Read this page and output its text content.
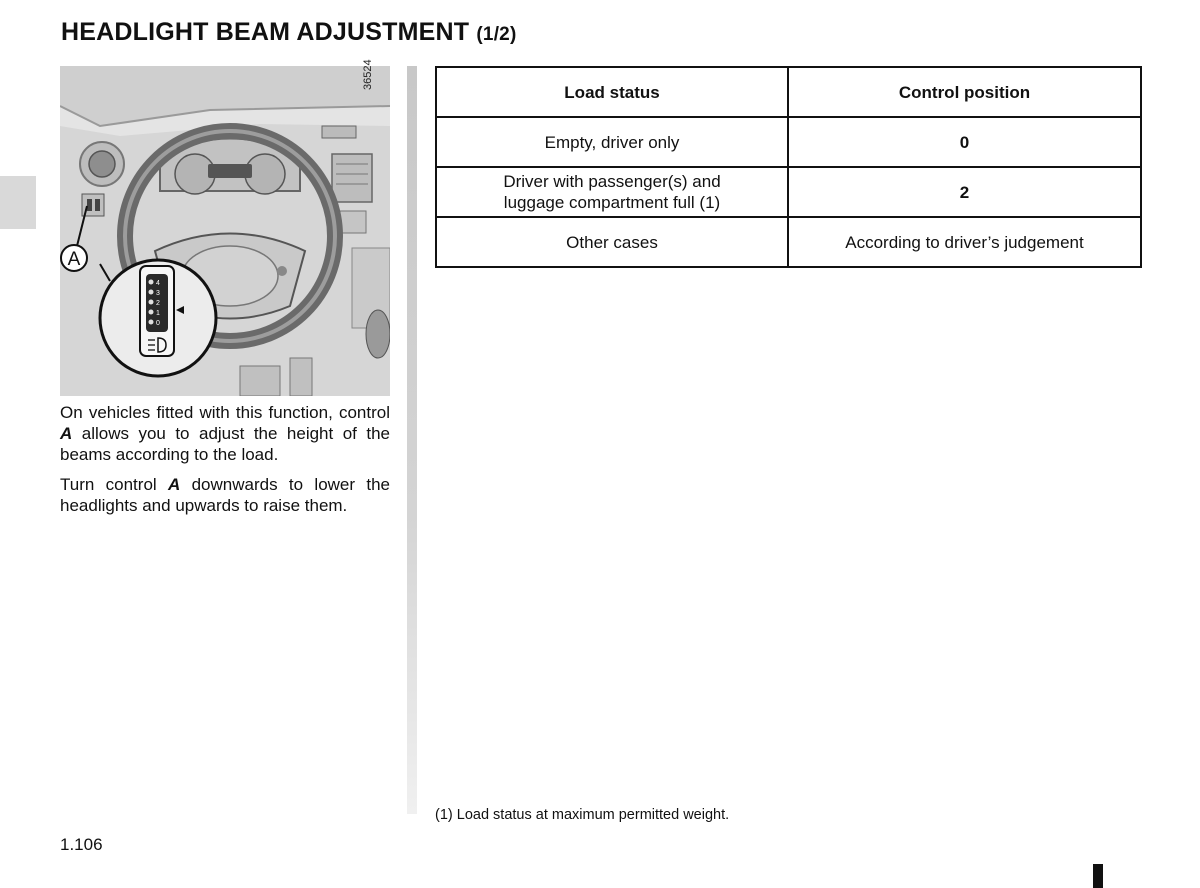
HEADLIGHT BEAM ADJUSTMENT (1/2)
4
3
2
1
0
A
36524
On vehicles fitted with this function, control A allows you to adjust the height of the beams according to the load.
Turn control A downwards to lower the headlights and upwards to raise them.
Load status	Control position
Empty, driver only	0
Driver with passenger(s) and
luggage compartment full (1)	2
Other cases	According to driver’s judgement
(1) Load status at maximum permitted weight.
1.106
